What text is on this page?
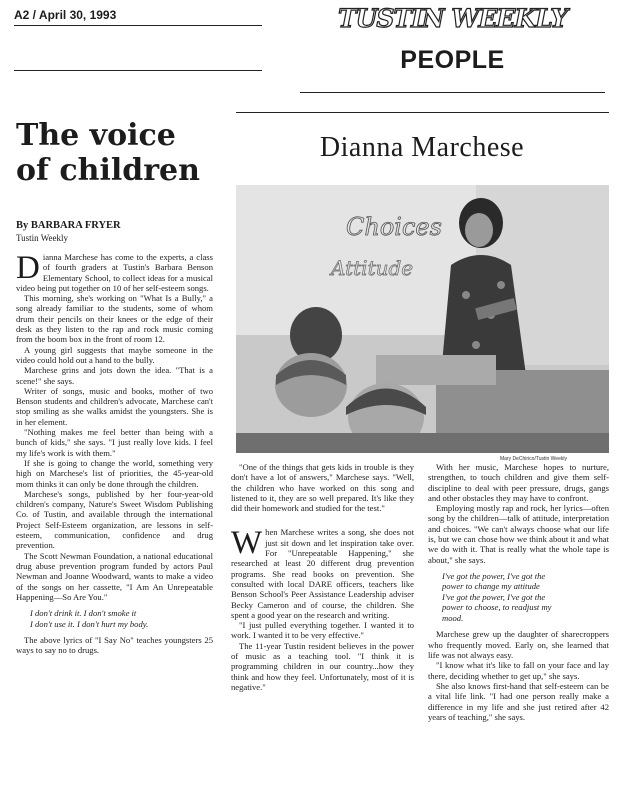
A2 / April 30, 1993	TUSTIN WEEKLY
PEOPLE
The voice of children
By BARBARA FRYER
Tustin Weekly
Dianna Marchese
Choices
Attitude
Mary DeChirico/Tustin Weekly

Dianna Marchese has come to the experts, a class of fourth graders at Tustin's Barbara Benson Elementary School, to collect ideas for a musical video being put together on 10 of her self-esteem songs.

This morning, she's working on "What Is a Bully," a song already familiar to the students, some of whom drum their pencils on their knees or the edge of their desk as they listen to the rap and rock music coming from the boom box in the front of room 12.

A young girl suggests that maybe someone in the video could hold out a hand to the bully.

Marchese grins and jots down the idea. "That is a scene!" she says.

Writer of songs, music and books, mother of two Benson students and children's advocate, Marchese can't stop smiling as she walks amidst the youngsters. She is in her element.

"Nothing makes me feel better than being with a bunch of kids," she says. "I just really love kids. I feel my life's work is with them."

If she is going to change the world, something very high on Marchese's list of priorities, the 45-year-old mom thinks it can only be done through the children.

Marchese's songs, published by her four-year-old children's company, Nature's Sweet Wisdom Publishing Co. of Tustin, and available through the international Project Self-Esteem organization, are lessons in self-esteem, communication, confidence and drug prevention.

The Scott Newman Foundation, a national educational drug abuse prevention program funded by actors Paul Newman and Joanne Woodward, wants to make a video of the songs on her cassette, "I Am An Unrepeatable Happening—So Are You."

I don't drink it. I don't smoke it
I don't use it. I don't hurt my body.

The above lyrics of "I Say No" teaches youngsters 25 ways to say no to drugs.

"One of the things that gets kids in trouble is they don't have a lot of answers," Marchese says. "Well, the children who have worked on this song and listened to it, they are so well prepared. It's like they did their homework and studied for the test."

When Marchese writes a song, she does not just sit down and let inspiration take over. For "Unrepeatable Happening," she researched at least 20 different drug prevention programs. She read books on prevention. She consulted with local DARE officers, teachers like Benson School's Peer Assistance Leadership adviser Becky Cameron and of course, the children. She spent a good year on the research and writing.

"I just pulled everything together. I wanted it to work. I wanted it to be very effective."

The 11-year Tustin resident believes in the power of music as a teaching tool. "I think it is programming children in our country...how they think and how they feel. Unfortunately, most of it is negative."

With her music, Marchese hopes to nurture, strengthen, to touch children and give them self-discipline to deal with peer pressure, drugs, gangs and other obstacles they may have to confront.

Employing mostly rap and rock, her lyrics—often song by the children—talk of attitude, interpretation and choices. "We can't always choose what our life is, but we can chose how we think about it and what we do with it. That is really what the whole tape is about," she says.

I've got the power, I've got the
power to change my attitude
I've got the power, I've got the
power to choose, to readjust my
mood.

Marchese grew up the daughter of sharecroppers who frequently moved. Early on, she learned that life was not always easy.

"I know what it's like to fall on your face and lay there, deciding whether to get up," she says.

She also knows first-hand that self-esteem can be a vital life link. "I had one person really make a difference in my life and she just retired after 42 years of teaching," she says.
